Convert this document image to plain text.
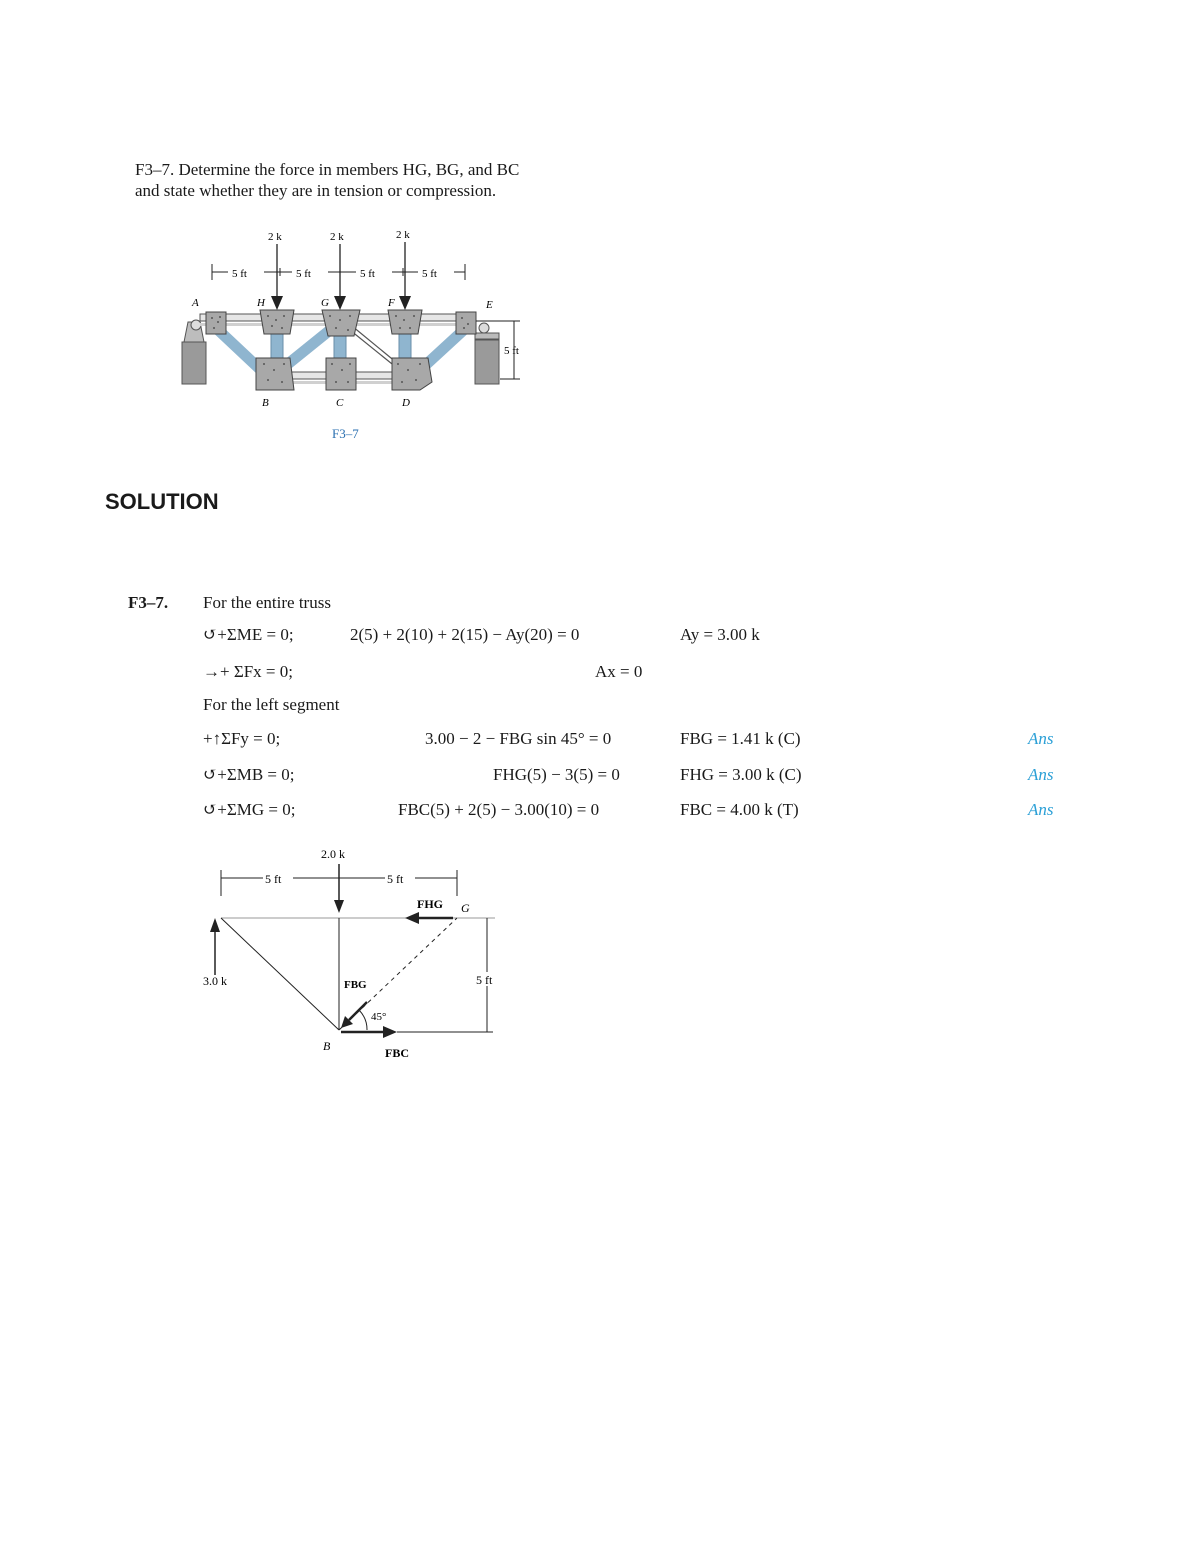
F3–7. Determine the force in members HG, BG, and BC
and state whether they are in tension or compression.
5 ft	5 ft	5 ft	5 ft
2 k	2 k	2 k
A	H	G	F	E
B	C	D
5 ft
F3–7
SOLUTION
F3–7. For the entire truss
↺+ΣME = 0;	2(5) + 2(10) + 2(15) − Ay(20) = 0	Ay = 3.00 k
→+ ΣFx = 0;	Ax = 0
For the left segment
+↑ΣFy = 0;	3.00 − 2 − FBG sin 45° = 0	FBG = 1.41 k (C)	Ans
↺+ΣMB = 0;	FHG(5) − 3(5) = 0	FHG = 3.00 k (C)	Ans
↺+ΣMG = 0;	FBC(5) + 2(5) − 3.00(10) = 0	FBC = 4.00 k (T)	Ans
5 ft	5 ft
2.0 k
3.0 k
FHG G
FBG
45°
FBC
B
5 ft
